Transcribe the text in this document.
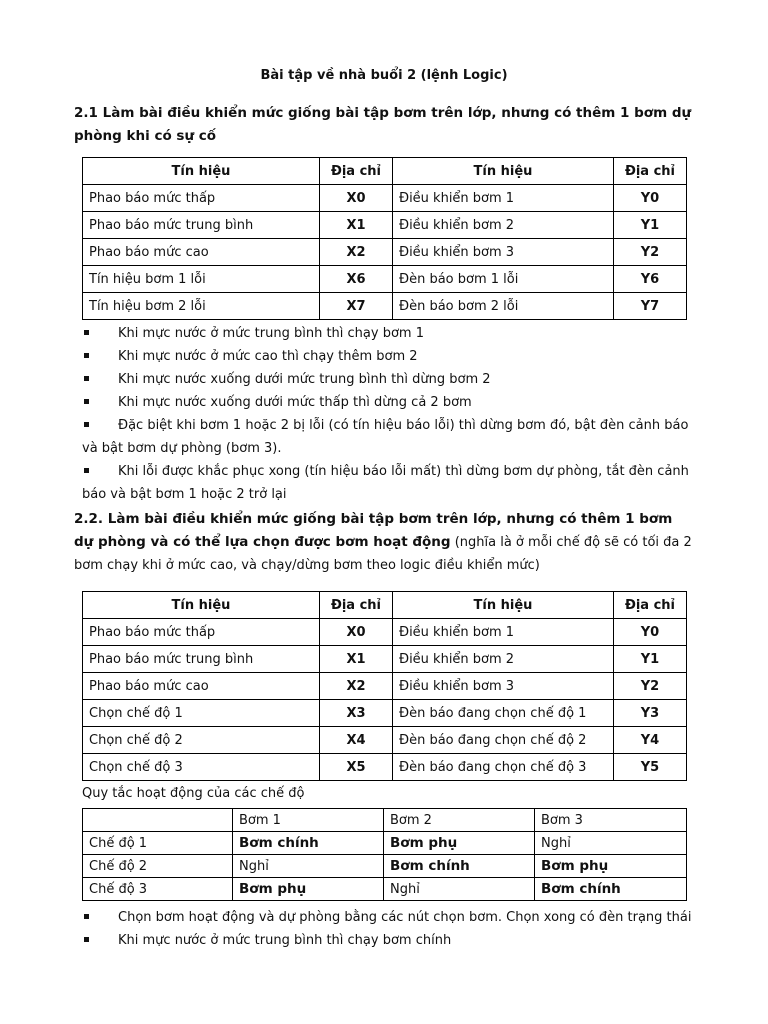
Bài tập về nhà buổi 2 (lệnh Logic)
2.1 Làm bài điều khiển mức giống bài tập bơm trên lớp, nhưng có thêm 1 bơm dự phòng khi có sự cố
Tín hiệu	Địa chỉ	Tín hiệu	Địa chỉ
Phao báo mức thấp	X0	Điều khiển bơm 1	Y0
Phao báo mức trung bình	X1	Điều khiển bơm 2	Y1
Phao báo mức cao	X2	Điều khiển bơm 3	Y2
Tín hiệu bơm 1 lỗi	X6	Đèn báo bơm 1 lỗi	Y6
Tín hiệu bơm 2 lỗi	X7	Đèn báo bơm 2 lỗi	Y7
Khi mực nước ở mức trung bình thì chạy bơm 1
Khi mực nước ở mức cao thì chạy thêm bơm 2
Khi mực nước xuống dưới mức trung bình thì dừng bơm 2
Khi mực nước xuống dưới mức thấp thì dừng cả 2 bơm
Đặc biệt khi bơm 1 hoặc 2 bị lỗi (có tín hiệu báo lỗi) thì dừng bơm đó, bật đèn cảnh báo và bật bơm dự phòng (bơm 3).
Khi lỗi được khắc phục xong (tín hiệu báo lỗi mất) thì dừng bơm dự phòng, tắt đèn cảnh báo và bật bơm 1 hoặc 2 trở lại
2.2. Làm bài điều khiển mức giống bài tập bơm trên lớp, nhưng có thêm 1 bơm dự phòng và có thể lựa chọn được bơm hoạt động (nghĩa là ở mỗi chế độ sẽ có tối đa 2 bơm chạy khi ở mức cao, và chạy/dừng bơm theo logic điều khiển mức)
Tín hiệu	Địa chỉ	Tín hiệu	Địa chỉ
Phao báo mức thấp	X0	Điều khiển bơm 1	Y0
Phao báo mức trung bình	X1	Điều khiển bơm 2	Y1
Phao báo mức cao	X2	Điều khiển bơm 3	Y2
Chọn chế độ 1	X3	Đèn báo đang chọn chế độ 1	Y3
Chọn chế độ 2	X4	Đèn báo đang chọn chế độ 2	Y4
Chọn chế độ 3	X5	Đèn báo đang chọn chế độ 3	Y5
Quy tắc hoạt động của các chế độ
	Bơm 1	Bơm 2	Bơm 3
Chế độ 1	Bơm chính	Bơm phụ	Nghỉ
Chế độ 2	Nghỉ	Bơm chính	Bơm phụ
Chế độ 3	Bơm phụ	Nghỉ	Bơm chính
Chọn bơm hoạt động và dự phòng bằng các nút chọn bơm. Chọn xong có đèn trạng thái
Khi mực nước ở mức trung bình thì chạy bơm chính
